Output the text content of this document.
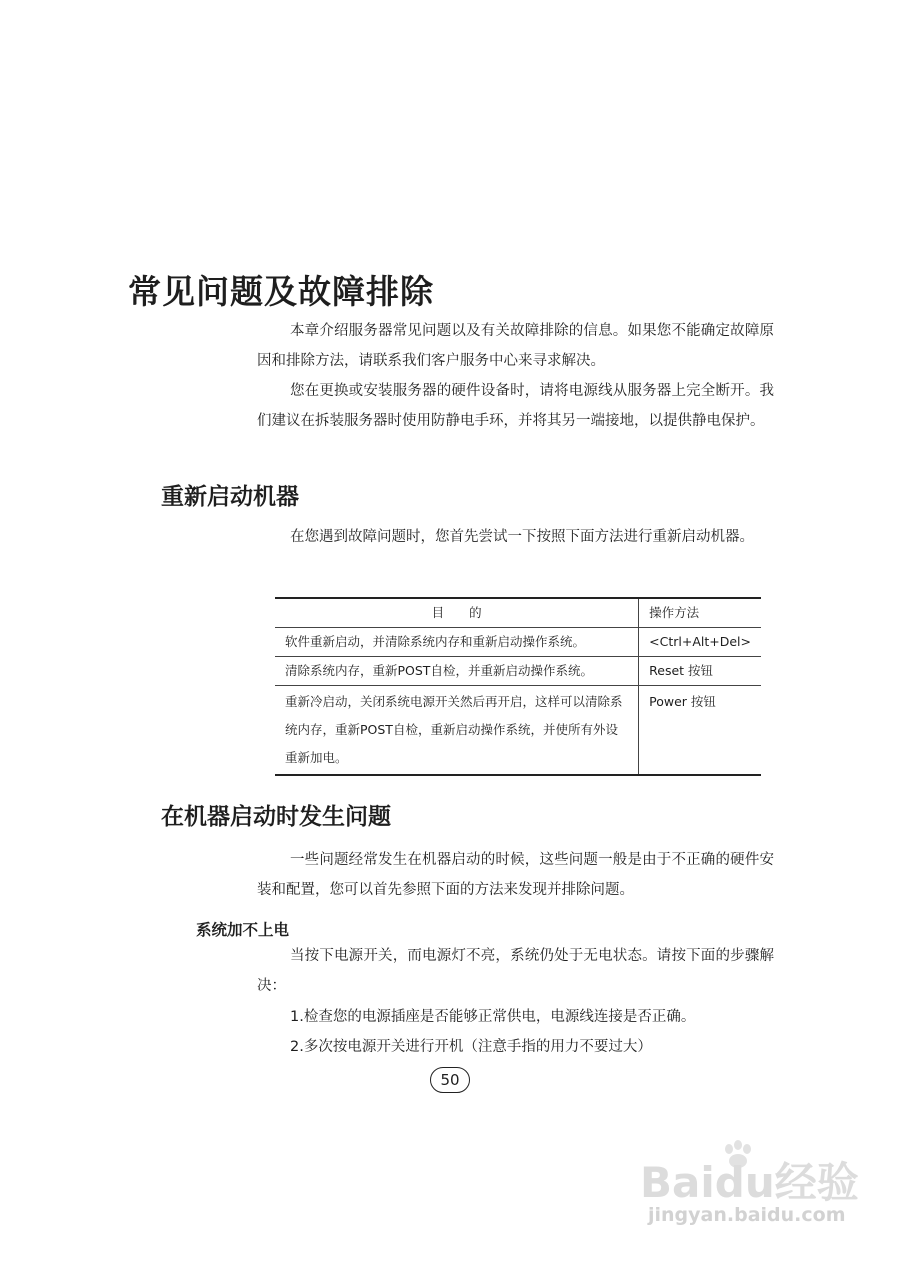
常见问题及故障排除
本章介绍服务器常见问题以及有关故障排除的信息。如果您不能确定故障原因和排除方法，请联系我们客户服务中心来寻求解决。
您在更换或安装服务器的硬件设备时，请将电源线从服务器上完全断开。我们建议在拆装服务器时使用防静电手环，并将其另一端接地，以提供静电保护。
重新启动机器
在您遇到故障问题时，您首先尝试一下按照下面方法进行重新启动机器。
目　　的	操作方法
软件重新启动，并清除系统内存和重新启动操作系统。	<Ctrl+Alt+Del>
清除系统内存，重新POST自检，并重新启动操作系统。	Reset 按钮
重新冷启动，关闭系统电源开关然后再开启，这样可以清除系统内存，重新POST自检，重新启动操作系统，并使所有外设重新加电。	Power 按钮
在机器启动时发生问题
一些问题经常发生在机器启动的时候，这些问题一般是由于不正确的硬件安装和配置，您可以首先参照下面的方法来发现并排除问题。
系统加不上电
当按下电源开关，而电源灯不亮，系统仍处于无电状态。请按下面的步骤解决：
1.检查您的电源插座是否能够正常供电，电源线连接是否正确。
2.多次按电源开关进行开机（注意手指的用力不要过大）
50
Baidu经验
jingyan.baidu.com
